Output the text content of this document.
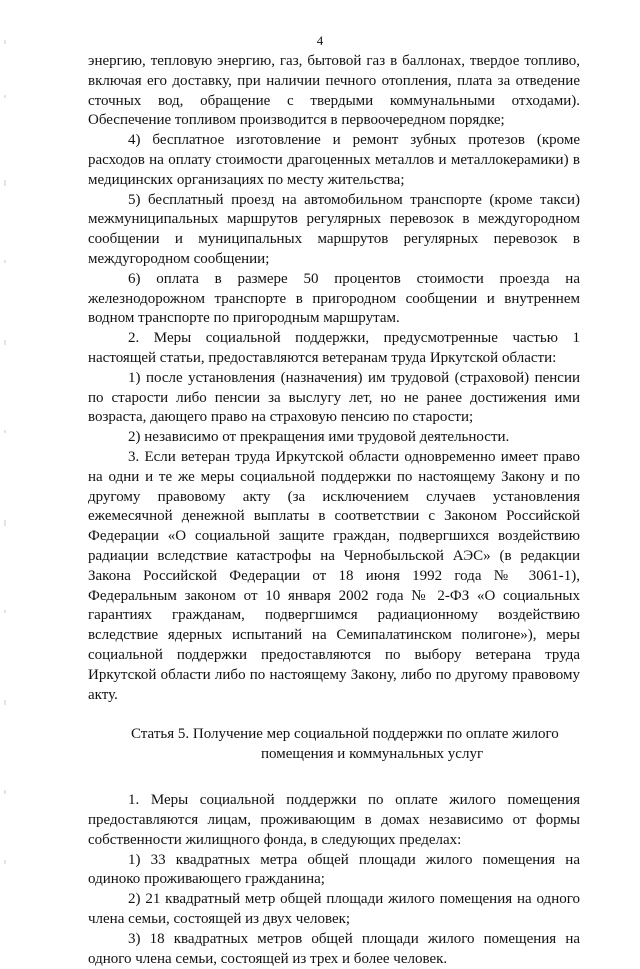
4

энергию, тепловую энергию, газ, бытовой газ в баллонах, твердое топливо, включая его доставку, при наличии печного отопления, плата за отведение сточных вод, обращение с твердыми коммунальными отходами). Обеспечение топливом производится в первоочередном порядке;

4) бесплатное изготовление и ремонт зубных протезов (кроме расходов на оплату стоимости драгоценных металлов и металлокерамики) в медицинских организациях по месту жительства;

5) бесплатный проезд на автомобильном транспорте (кроме такси) межмуниципальных маршрутов регулярных перевозок в междугородном сообщении и муниципальных маршрутов регулярных перевозок в междугородном сообщении;

6) оплата в размере 50 процентов стоимости проезда на железнодорожном транспорте в пригородном сообщении и внутреннем водном транспорте по пригородным маршрутам.

2. Меры социальной поддержки, предусмотренные частью 1 настоящей статьи, предоставляются ветеранам труда Иркутской области:

1) после установления (назначения) им трудовой (страховой) пенсии по старости либо пенсии за выслугу лет, но не ранее достижения ими возраста, дающего право на страховую пенсию по старости;

2) независимо от прекращения ими трудовой деятельности.

3. Если ветеран труда Иркутской области одновременно имеет право на одни и те же меры социальной поддержки по настоящему Закону и по другому правовому акту (за исключением случаев установления ежемесячной денежной выплаты в соответствии с Законом Российской Федерации «О социальной защите граждан, подвергшихся воздействию радиации вследствие катастрофы на Чернобыльской АЭС» (в редакции Закона Российской Федерации от 18 июня 1992 года № 3061-1), Федеральным законом от 10 января 2002 года № 2-ФЗ «О социальных гарантиях гражданам, подвергшимся радиационному воздействию вследствие ядерных испытаний на Семипалатинском полигоне»), меры социальной поддержки предоставляются по выбору ветерана труда Иркутской области либо по настоящему Закону, либо по другому правовому акту.

Статья 5. Получение мер социальной поддержки по оплате жилого
помещения и коммунальных услуг

1. Меры социальной поддержки по оплате жилого помещения предоставляются лицам, проживающим в домах независимо от формы собственности жилищного фонда, в следующих пределах:

1) 33 квадратных метра общей площади жилого помещения на одиноко проживающего гражданина;

2) 21 квадратный метр общей площади жилого помещения на одного члена семьи, состоящей из двух человек;

3) 18 квадратных метров общей площади жилого помещения на одного члена семьи, состоящей из трех и более человек.
